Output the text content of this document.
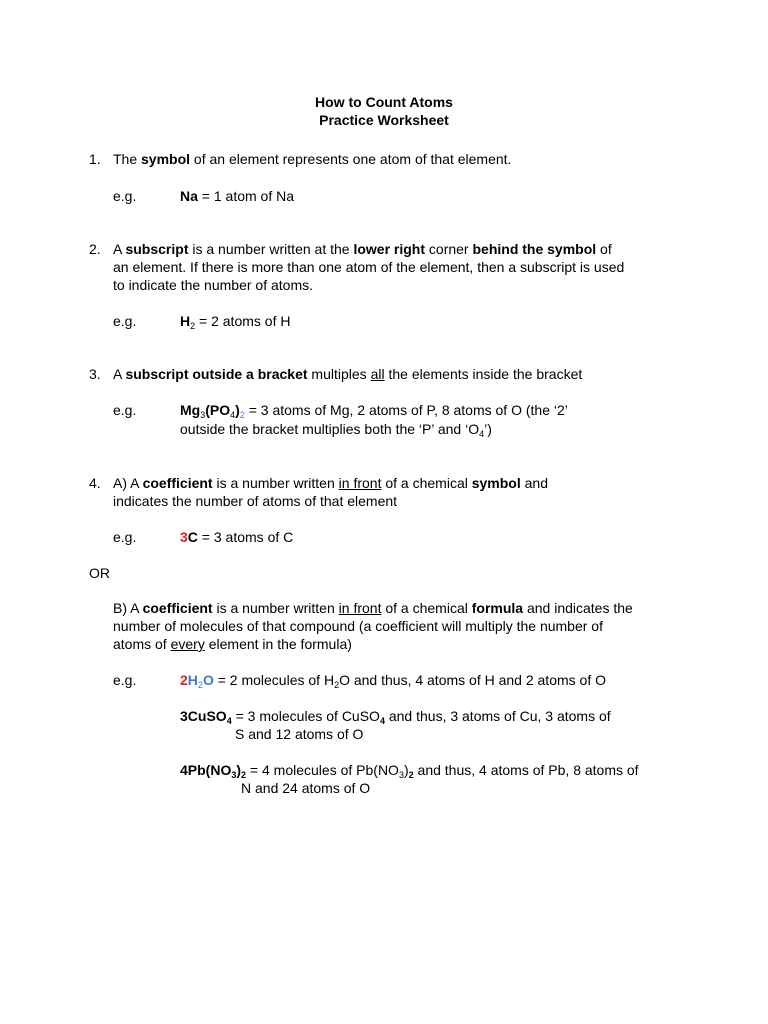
How to Count Atoms
Practice Worksheet
1. The symbol of an element represents one atom of that element.
e.g.	Na = 1 atom of Na
2. A subscript is a number written at the lower right corner behind the symbol of
an element. If there is more than one atom of the element, then a subscript is used
to indicate the number of atoms.
e.g.	$H_2 = 2$ atoms of H
3. A subscript outside a bracket multiples all the elements inside the bracket
e.g.	$Mg_3(PO_4)_2 = 3$ atoms of Mg, 2 atoms of P, 8 atoms of O (the ‘2’
outside the bracket multiplies both the ‘P’ and ‘$O_4$’)
4. A) A coefficient is a number written in front of a chemical symbol and
indicates the number of atoms of that element
e.g.	3C = 3 atoms of C
OR
B) A coefficient is a number written in front of a chemical formula and indicates the
number of molecules of that compound (a coefficient will multiply the number of
atoms of every element in the formula)
e.g.	$2H_2O = 2$ molecules of $H_2O$ and thus, 4 atoms of H and 2 atoms of O
3CuSO$_4$ = 3 molecules of CuSO$_4$ and thus, 3 atoms of Cu, 3 atoms of
S and 12 atoms of O
$4Pb(NO_3)_2 = 4$ molecules of $Pb(NO_3)_2$ and thus, 4 atoms of Pb, 8 atoms of
N and 24 atoms of O
